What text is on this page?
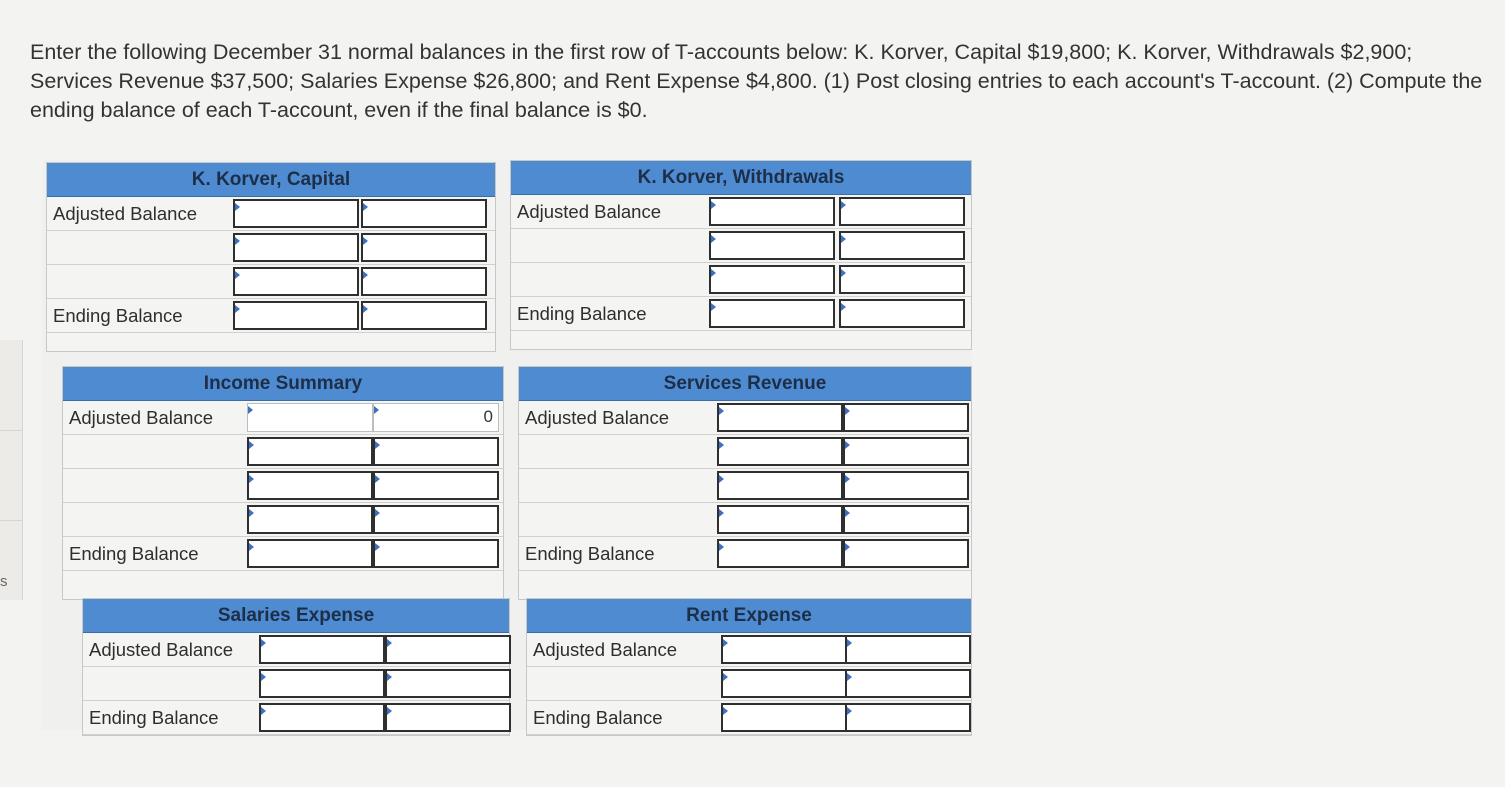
s

Enter the following December 31 normal balances in the first row of T-accounts below: K. Korver, Capital $19,800; K. Korver, Withdrawals $2,900; Services Revenue $37,500; Salaries Expense $26,800; and Rent Expense $4,800. (1) Post closing entries to each account's T-account. (2) Compute the ending balance of each T-account, even if the final balance is $0.

K. Korver, Capital
Adjusted Balance
Ending Balance
K. Korver, Withdrawals
Adjusted Balance
Ending Balance
Income Summary
Adjusted Balance	0
Ending Balance
Services Revenue
Adjusted Balance
Ending Balance
Salaries Expense
Adjusted Balance
Ending Balance
Rent Expense
Adjusted Balance
Ending Balance
